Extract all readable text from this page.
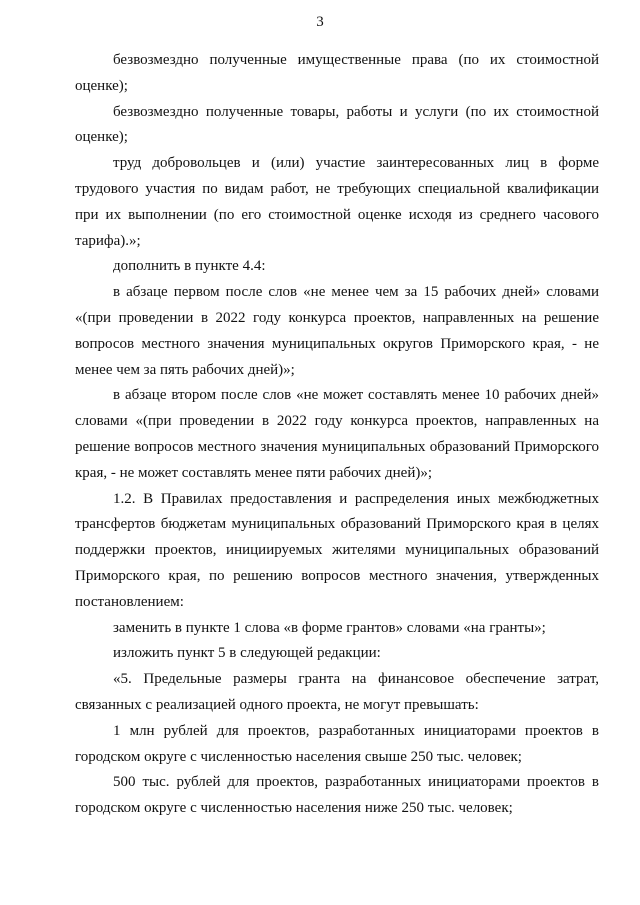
3

безвозмездно полученные имущественные права (по их стоимостной оценке);

безвозмездно полученные товары, работы и услуги (по их стоимостной оценке);

труд добровольцев и (или) участие заинтересованных лиц в форме трудового участия по видам работ, не требующих специальной квалификации при их выполнении (по его стоимостной оценке исходя из среднего часового тарифа).»;

дополнить в пункте 4.4:

в абзаце первом после слов «не менее чем за 15 рабочих дней» словами «(при проведении в 2022 году конкурса проектов, направленных на решение вопросов местного значения муниципальных округов Приморского края, - не менее чем за пять рабочих дней)»;

в абзаце втором после слов «не может составлять менее 10 рабочих дней» словами «(при проведении в 2022 году конкурса проектов, направленных на решение вопросов местного значения муниципальных образований Приморского края, - не может составлять менее пяти рабочих дней)»;

1.2. В Правилах предоставления и распределения иных межбюджетных трансфертов бюджетам муниципальных образований Приморского края в целях поддержки проектов, инициируемых жителями муниципальных образований Приморского края, по решению вопросов местного значения, утвержденных постановлением:

заменить в пункте 1 слова «в форме грантов» словами «на гранты»;

изложить пункт 5 в следующей редакции:

«5. Предельные размеры гранта на финансовое обеспечение затрат, связанных с реализацией одного проекта, не могут превышать:

1 млн рублей для проектов, разработанных инициаторами проектов в городском округе с численностью населения свыше 250 тыс. человек;

500 тыс. рублей для проектов, разработанных инициаторами проектов в городском округе с численностью населения ниже 250 тыс. человек;
